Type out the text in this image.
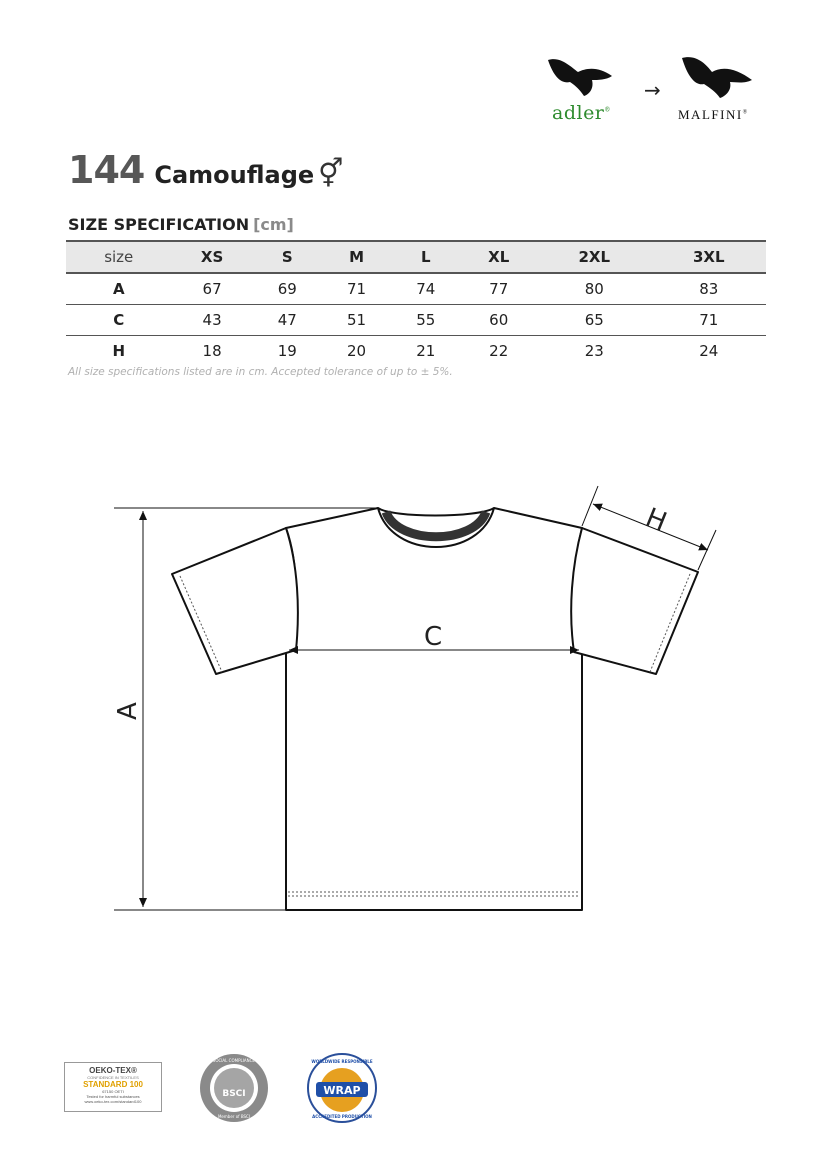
→
adler®	MALFINI®
144 Camouflage ⚥
SIZE SPECIFICATION [cm]
size	XS	S	M	L	XL	2XL	3XL
A	67	69	71	74	77	80	83
C	43	47	51	55	60	65	71
H	18	19	20	21	22	23	24
All size specifications listed are in cm. Accepted tolerance of up to ± 5%.
A
C
H
OEKO-TEX®
CONFIDENCE IN TEXTILES
STANDARD 100
67150 OETI
Tested for harmful substances
www.oeko-tex.com/standard100
BUSINESS SOCIAL COMPLIANCE INITIATIVE
BSCI
Member of BSCI
WORLDWIDE RESPONSIBLE
WRAP
ACCREDITED PRODUCTION
